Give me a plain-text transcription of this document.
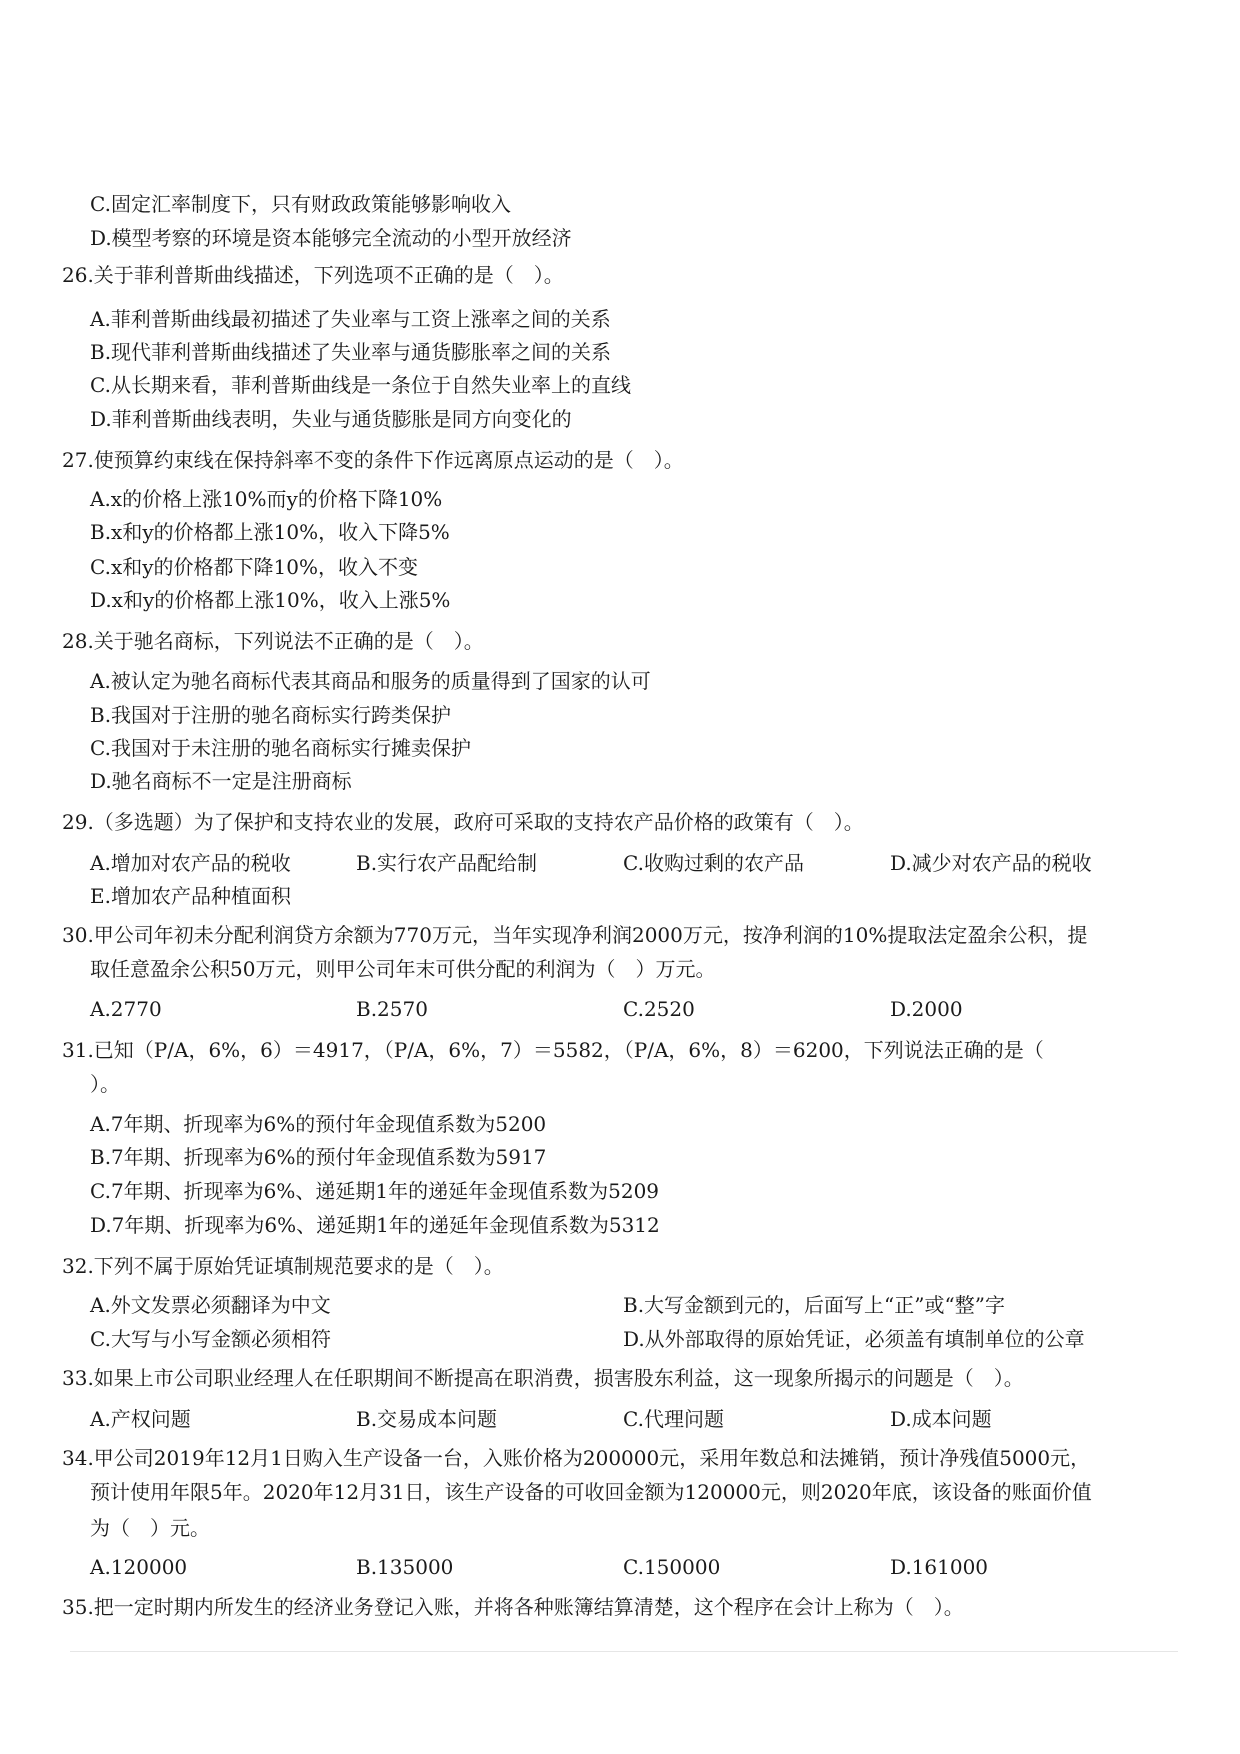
C.固定汇率制度下，只有财政政策能够影响收入
D.模型考察的环境是资本能够完全流动的小型开放经济
26.关于菲利普斯曲线描述，下列选项不正确的是（　）。
A.菲利普斯曲线最初描述了失业率与工资上涨率之间的关系
B.现代菲利普斯曲线描述了失业率与通货膨胀率之间的关系
C.从长期来看，菲利普斯曲线是一条位于自然失业率上的直线
D.菲利普斯曲线表明，失业与通货膨胀是同方向变化的
27.使预算约束线在保持斜率不变的条件下作远离原点运动的是（　）。
A.x的价格上涨10%而y的价格下降10%
B.x和y的价格都上涨10%，收入下降5%
C.x和y的价格都下降10%，收入不变
D.x和y的价格都上涨10%，收入上涨5%
28.关于驰名商标，下列说法不正确的是（　）。
A.被认定为驰名商标代表其商品和服务的质量得到了国家的认可
B.我国对于注册的驰名商标实行跨类保护
C.我国对于未注册的驰名商标实行摊卖保护
D.驰名商标不一定是注册商标
29.（多选题）为了保护和支持农业的发展，政府可采取的支持农产品价格的政策有（　）。
A.增加对农产品的税收	B.实行农产品配给制	C.收购过剩的农产品	D.减少对农产品的税收
E.增加农产品种植面积
30.甲公司年初未分配利润贷方余额为770万元，当年实现净利润2000万元，按净利润的10%提取法定盈余公积，提
取任意盈余公积50万元，则甲公司年末可供分配的利润为（　）万元。
A.2770	B.2570	C.2520	D.2000
31.已知（P/A，6%，6）＝4917，（P/A，6%，7）＝5582，（P/A，6%，8）＝6200，下列说法正确的是（
）。
A.7年期、折现率为6%的预付年金现值系数为5200
B.7年期、折现率为6%的预付年金现值系数为5917
C.7年期、折现率为6%、递延期1年的递延年金现值系数为5209
D.7年期、折现率为6%、递延期1年的递延年金现值系数为5312
32.下列不属于原始凭证填制规范要求的是（　）。
A.外文发票必须翻译为中文	B.大写金额到元的，后面写上“正”或“整”字
C.大写与小写金额必须相符	D.从外部取得的原始凭证，必须盖有填制单位的公章
33.如果上市公司职业经理人在任职期间不断提高在职消费，损害股东利益，这一现象所揭示的问题是（　）。
A.产权问题	B.交易成本问题	C.代理问题	D.成本问题
34.甲公司2019年12月1日购入生产设备一台，入账价格为200000元，采用年数总和法摊销，预计净残值5000元，
预计使用年限5年。2020年12月31日，该生产设备的可收回金额为120000元，则2020年底，该设备的账面价值
为（　）元。
A.120000	B.135000	C.150000	D.161000
35.把一定时期内所发生的经济业务登记入账，并将各种账簿结算清楚，这个程序在会计上称为（　）。
